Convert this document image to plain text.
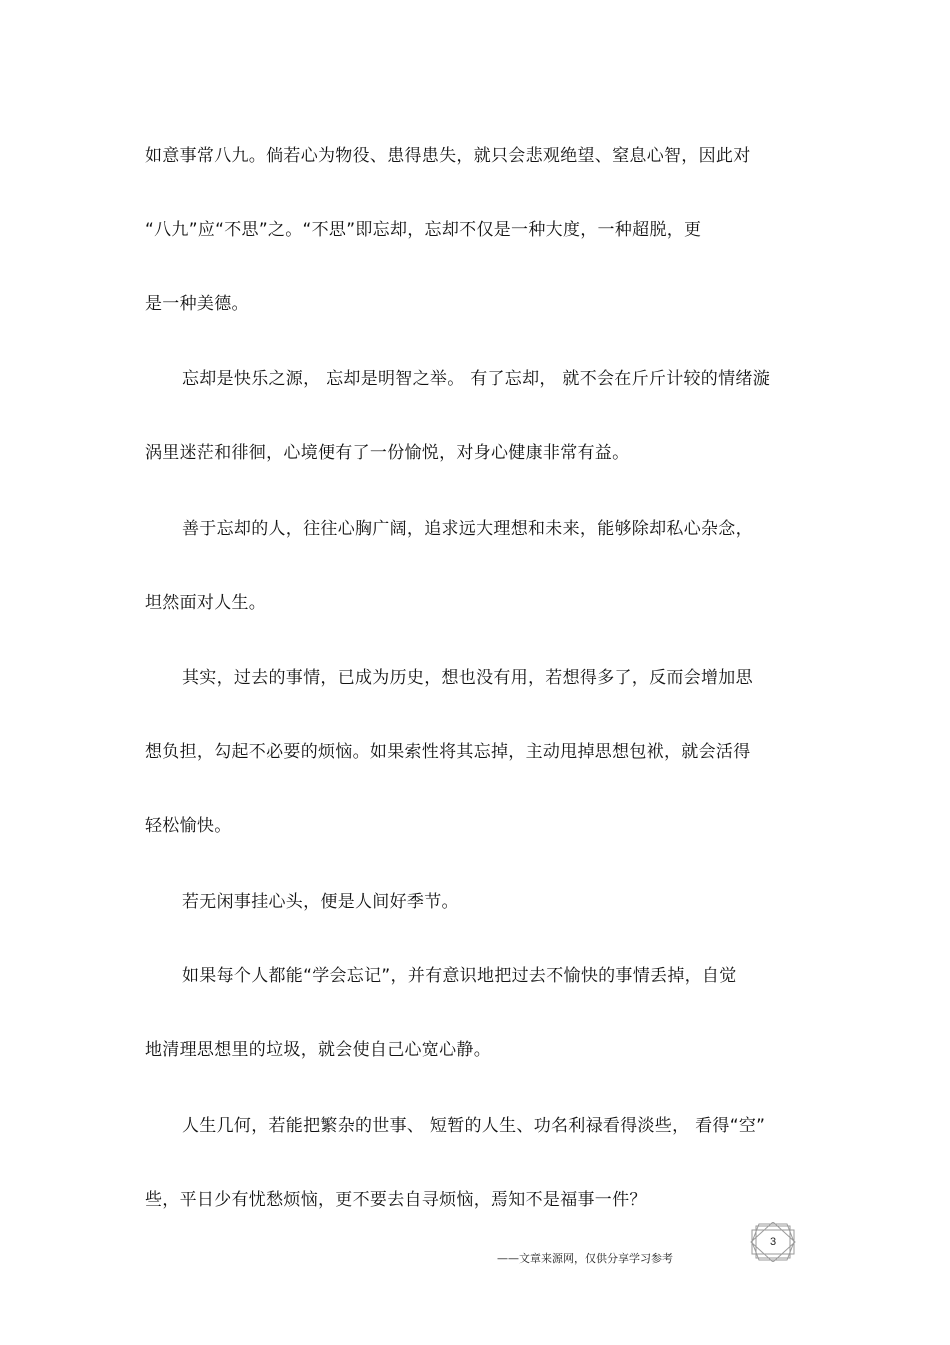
如意事常八九。倘若心为物役、患得患失，就只会悲观绝望、窒息心智，因此对
“八九”应“不思”之。“不思”即忘却，忘却不仅是一种大度，一种超脱，更
是一种美德。
忘却是快乐之源， 忘却是明智之举。 有了忘却， 就不会在斤斤计较的情绪漩
涡里迷茫和徘徊，心境便有了一份愉悦，对身心健康非常有益。
善于忘却的人，往往心胸广阔，追求远大理想和未来，能够除却私心杂念，
坦然面对人生。
其实，过去的事情，已成为历史，想也没有用，若想得多了，反而会增加思
想负担，勾起不必要的烦恼。如果索性将其忘掉，主动甩掉思想包袱，就会活得
轻松愉快。
若无闲事挂心头，便是人间好季节。
如果每个人都能“学会忘记”，并有意识地把过去不愉快的事情丢掉，自觉
地清理思想里的垃圾，就会使自己心宽心静。
人生几何，若能把繁杂的世事、 短暂的人生、功名利禄看得淡些， 看得“空”
些，平日少有忧愁烦恼，更不要去自寻烦恼，焉知不是福事一件？
——文章来源网，仅供分享学习参考
3
